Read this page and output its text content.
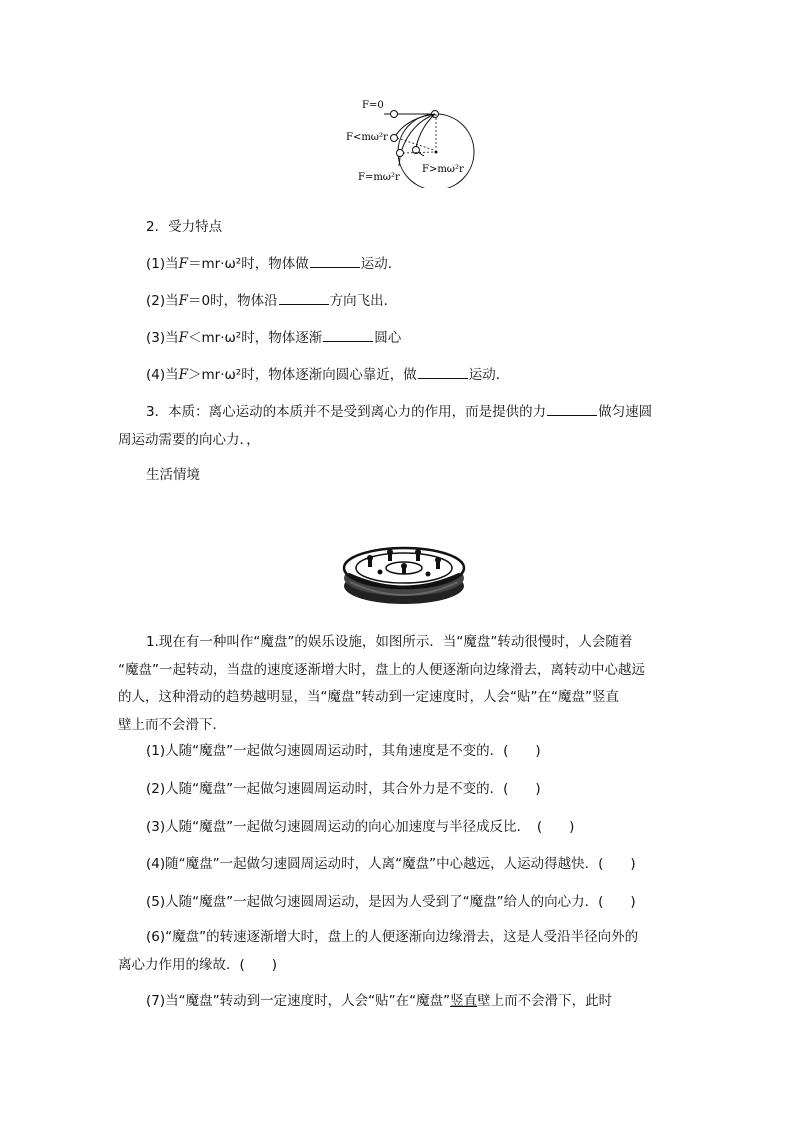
F=0
F<mω²r
F=mω²r
F>mω²r
2．受力特点
(1)当F＝mr·ω²时，物体做	运动．
(2)当F＝0时，物体沿	方向飞出．
(3)当F＜mr·ω²时，物体逐渐	圆心
(4)当F＞mr·ω²时，物体逐渐向圆心靠近，做	运动．
3．本质：离心运动的本质并不是受到离心力的作用，而是提供的力	做匀速圆
周运动需要的向心力．，
生活情境
1.现在有一种叫作“魔盘”的娱乐设施，如图所示．当“魔盘”转动很慢时，人会随着
“魔盘”一起转动，当盘的速度逐渐增大时，盘上的人便逐渐向边缘滑去，离转动中心越远
的人，这种滑动的趋势越明显，当“魔盘”转动到一定速度时，人会“贴”在“魔盘”竖直
壁上而不会滑下．
(1)人随“魔盘”一起做匀速圆周运动时，其角速度是不变的．(　　)
(2)人随“魔盘”一起做匀速圆周运动时，其合外力是不变的．(　　)
(3)人随“魔盘”一起做匀速圆周运动的向心加速度与半径成反比．　(　　)
(4)随“魔盘”一起做匀速圆周运动时，人离“魔盘”中心越远，人运动得越快．(　　)
(5)人随“魔盘”一起做匀速圆周运动，是因为人受到了“魔盘”给人的向心力．(　　)
(6)“魔盘”的转速逐渐增大时，盘上的人便逐渐向边缘滑去，这是人受沿半径向外的
离心力作用的缘故．(　　)
(7)当“魔盘”转动到一定速度时，人会“贴”在“魔盘”竖直壁上而不会滑下，此时
